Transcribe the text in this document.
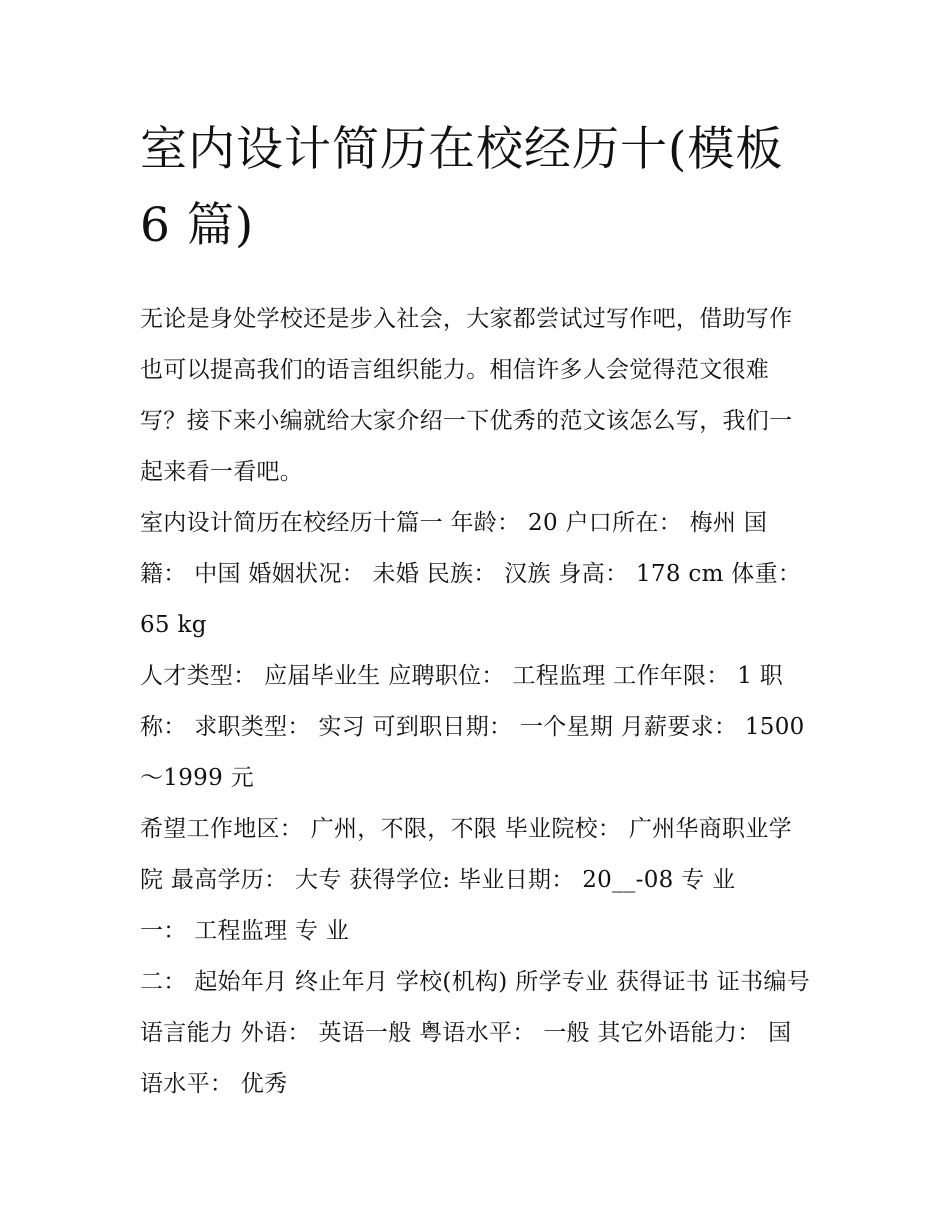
室内设计简历在校经历十(模板 6 篇)

无论是身处学校还是步入社会，大家都尝试过写作吧，借助写作也可以提高我们的语言组织能力。相信许多人会觉得范文很难写？接下来小编就给大家介绍一下优秀的范文该怎么写，我们一起来看一看吧。

室内设计简历在校经历十篇一 年龄： 20 户口所在： 梅州 国籍： 中国 婚姻状况： 未婚 民族： 汉族 身高： 178 cm 体重： 65 kg

人才类型： 应届毕业生 应聘职位： 工程监理 工作年限： 1 职称： 求职类型： 实习 可到职日期： 一个星期 月薪要求： 1500～1999 元

希望工作地区： 广州，不限，不限 毕业院校： 广州华商职业学院 最高学历： 大专 获得学位: 毕业日期： 20__-08 专 业

一： 工程监理 专 业

二： 起始年月 终止年月 学校(机构) 所学专业 获得证书 证书编号 语言能力 外语： 英语一般 粤语水平： 一般 其它外语能力： 国语水平： 优秀
